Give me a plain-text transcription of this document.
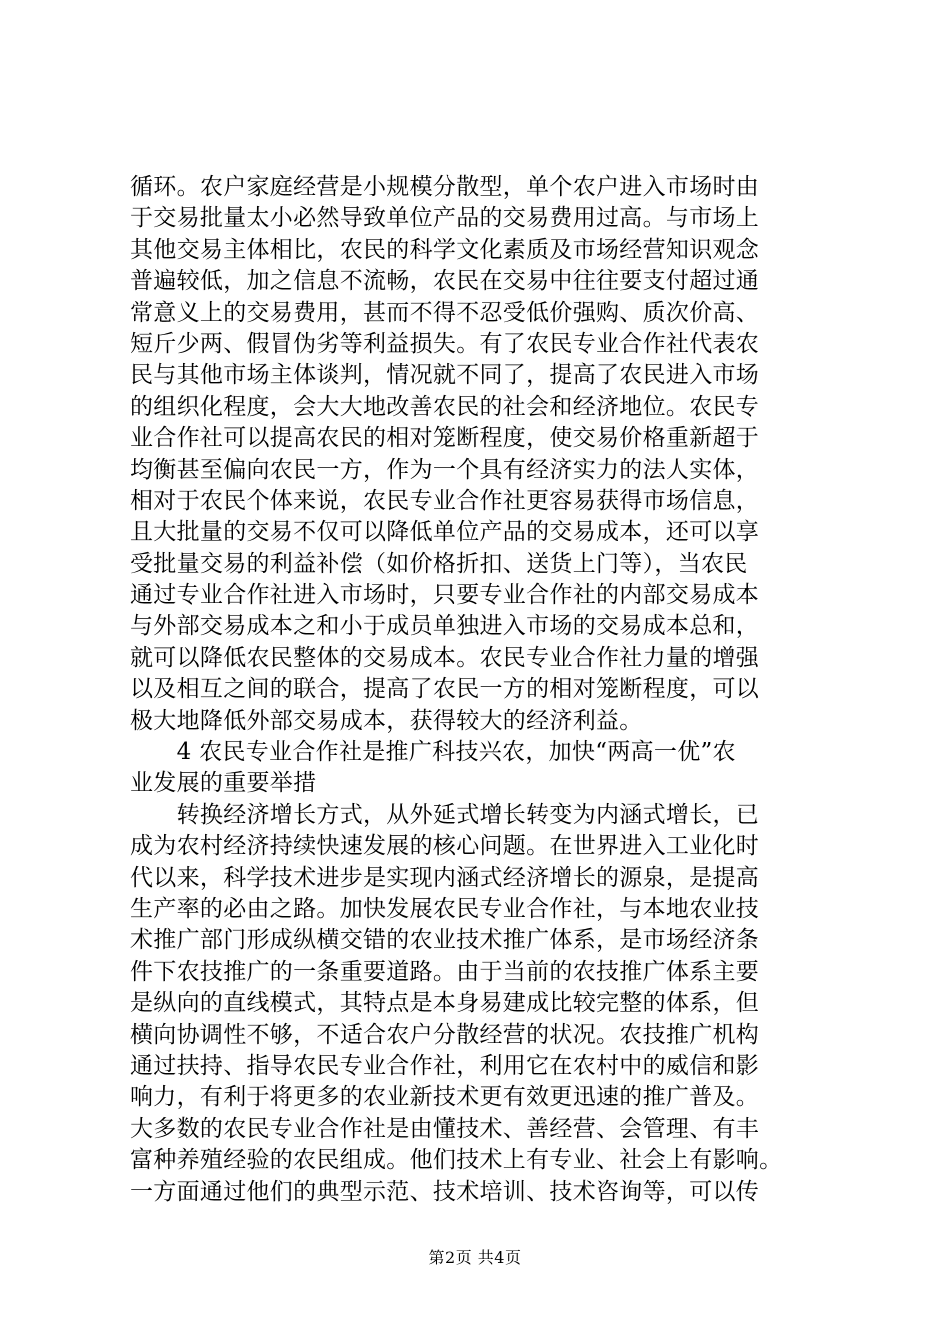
循环。农户家庭经营是小规模分散型，单个农户进入市场时由
于交易批量太小必然导致单位产品的交易费用过高。与市场上
其他交易主体相比，农民的科学文化素质及市场经营知识观念
普遍较低，加之信息不流畅，农民在交易中往往要支付超过通
常意义上的交易费用，甚而不得不忍受低价强购、质次价高、
短斤少两、假冒伪劣等利益损失。有了农民专业合作社代表农
民与其他市场主体谈判，情况就不同了，提高了农民进入市场
的组织化程度，会大大地改善农民的社会和经济地位。农民专
业合作社可以提高农民的相对笼断程度，使交易价格重新超于
均衡甚至偏向农民一方，作为一个具有经济实力的法人实体，
相对于农民个体来说，农民专业合作社更容易获得市场信息，
且大批量的交易不仅可以降低单位产品的交易成本，还可以享
受批量交易的利益补偿（如价格折扣、送货上门等），当农民
通过专业合作社进入市场时，只要专业合作社的内部交易成本
与外部交易成本之和小于成员单独进入市场的交易成本总和，
就可以降低农民整体的交易成本。农民专业合作社力量的增强
以及相互之间的联合，提高了农民一方的相对笼断程度，可以
极大地降低外部交易成本，获得较大的经济利益。
　　4 农民专业合作社是推广科技兴农，加快“两高一优”农
业发展的重要举措
　　转换经济增长方式，从外延式增长转变为内涵式增长，已
成为农村经济持续快速发展的核心问题。在世界进入工业化时
代以来，科学技术进步是实现内涵式经济增长的源泉，是提高
生产率的必由之路。加快发展农民专业合作社，与本地农业技
术推广部门形成纵横交错的农业技术推广体系，是市场经济条
件下农技推广的一条重要道路。由于当前的农技推广体系主要
是纵向的直线模式，其特点是本身易建成比较完整的体系，但
横向协调性不够，不适合农户分散经营的状况。农技推广机构
通过扶持、指导农民专业合作社，利用它在农村中的威信和影
响力，有利于将更多的农业新技术更有效更迅速的推广普及。
大多数的农民专业合作社是由懂技术、善经营、会管理、有丰
富种养殖经验的农民组成。他们技术上有专业、社会上有影响。
一方面通过他们的典型示范、技术培训、技术咨询等，可以传
第2页 共4页
